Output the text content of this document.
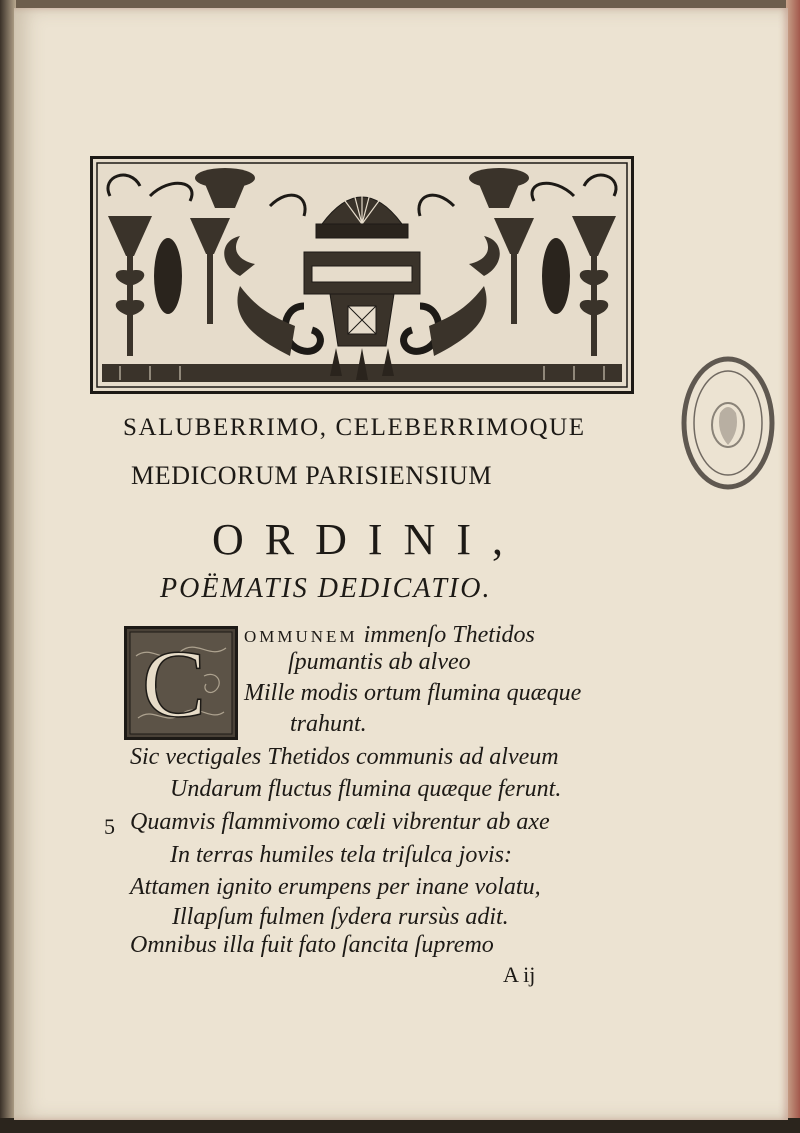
SALUBERRIMO, CELEBERRIMOQUE
MEDICORUM PARISIENSIUM
ORDINI,
POËMATIS DEDICATIO.
C OMMUNEM immenſo Thetidos
ſpumantis ab alveo
Mille modis ortum flumina quæque
trahunt.
Sic vectigales Thetidos communis ad alveum
Undarum fluctus flumina quæque ferunt.
5 Quamvis flammivomo cœli vibrentur ab axe
In terras humiles tela triſulca jovis:
Attamen ignito erumpens per inane volatu,
Illapſum fulmen ſydera rursùs adit.
Omnibus illa fuit fato ſancita ſupremo
A ij
